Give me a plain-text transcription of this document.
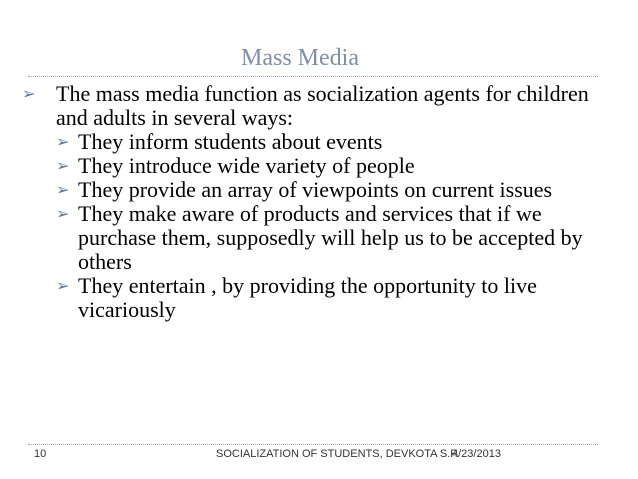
Mass Media
➢ The mass media function as socialization agents for children and adults in several ways:
➢ They inform students about events
➢ They introduce wide variety of people
➢ They provide an array of viewpoints on current issues
➢ They make aware of products and services that if we purchase them, supposedly will help us to be accepted by others
➢ They entertain , by providing the opportunity to live vicariously
10	SOCIALIZATION OF STUDENTS, DEVKOTA S.P.
4/23/2013
